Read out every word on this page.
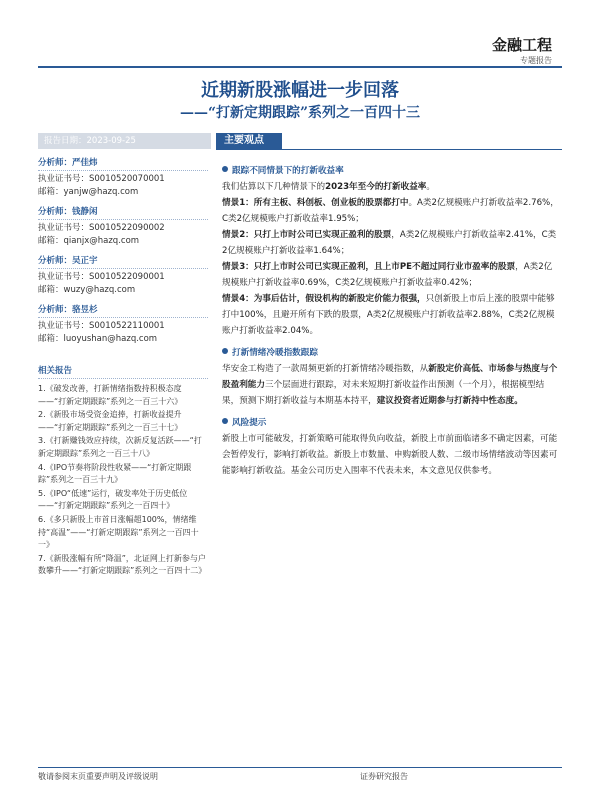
金融工程
专题报告
近期新股涨幅进一步回落
——“打新定期跟踪”系列之一百四十三
报告日期：2023-09-25	主要观点
分析师：严佳炜
执业证书号：S0010520070001
邮箱：yanjw@hazq.com
分析师：钱静闲
执业证书号：S0010522090002
邮箱：qianjx@hazq.com
分析师：吴正宇
执业证书号：S0010522090001
邮箱：wuzy@hazq.com
分析师：骆昱杉
执业证书号：S0010522110001
邮箱：luoyushan@hazq.com
相关报告
1.《破发改善，打新情绪指数持积极态度——“打新定期跟踪”系列之一百三十六》
2.《新股市场受资金追捧，打新收益提升——“打新定期跟踪”系列之一百三十七》
3.《打新赚钱效应持续，次新反复活跃——“打新定期跟踪”系列之一百三十八》
4.《IPO节奏将阶段性收紧——“打新定期跟踪”系列之一百三十九》
5.《IPO“低速”运行，破发率处于历史低位——“打新定期跟踪”系列之一百四十》
6.《多只新股上市首日涨幅超100%，情绪维持“高温”——“打新定期跟踪”系列之一百四十一》
7.《新股涨幅有所“降温”，北证网上打新参与户数攀升——“打新定期跟踪”系列之一百四十二》
跟踪不同情景下的打新收益率

我们估算以下几种情景下的2023年至今的打新收益率。

情景1：所有主板、科创板、创业板的股票都打中。A类2亿规模账户打新收益率2.76%，C类2亿规模账户打新收益率1.95%；

情景2：只打上市时公司已实现正盈利的股票，A类2亿规模账户打新收益率2.41%，C类2亿规模账户打新收益率1.64%；

情景3：只打上市时公司已实现正盈利，且上市PE不超过同行业市盈率的股票，A类2亿规模账户打新收益率0.69%，C类2亿规模账户打新收益率0.42%；

情景4：为事后估计，假设机构的新股定价能力很强，只创新股上市后上涨的股票中能够打中100%，且避开所有下跌的股票，A类2亿规模账户打新收益率2.88%，C类2亿规模账户打新收益率2.04%。

打新情绪冷暖指数跟踪

华安金工构造了一款周频更新的打新情绪冷暖指数，从新股定价高低、市场参与热度与个股盈利能力三个层面进行跟踪，对未来短期打新收益作出预测（一个月），根据模型结果，预测下期打新收益与本期基本持平，建议投资者近期参与打新持中性态度。

风险提示

新股上市可能破发，打新策略可能取得负向收益，新股上市前面临诸多不确定因素，可能会暂停发行，影响打新收益。新股上市数量、申购新股人数、二级市场情绪波动等因素可能影响打新收益。基金公司历史入围率不代表未来，本文意见仅供参考。

敬请参阅末页重要声明及评级说明	证券研究报告
